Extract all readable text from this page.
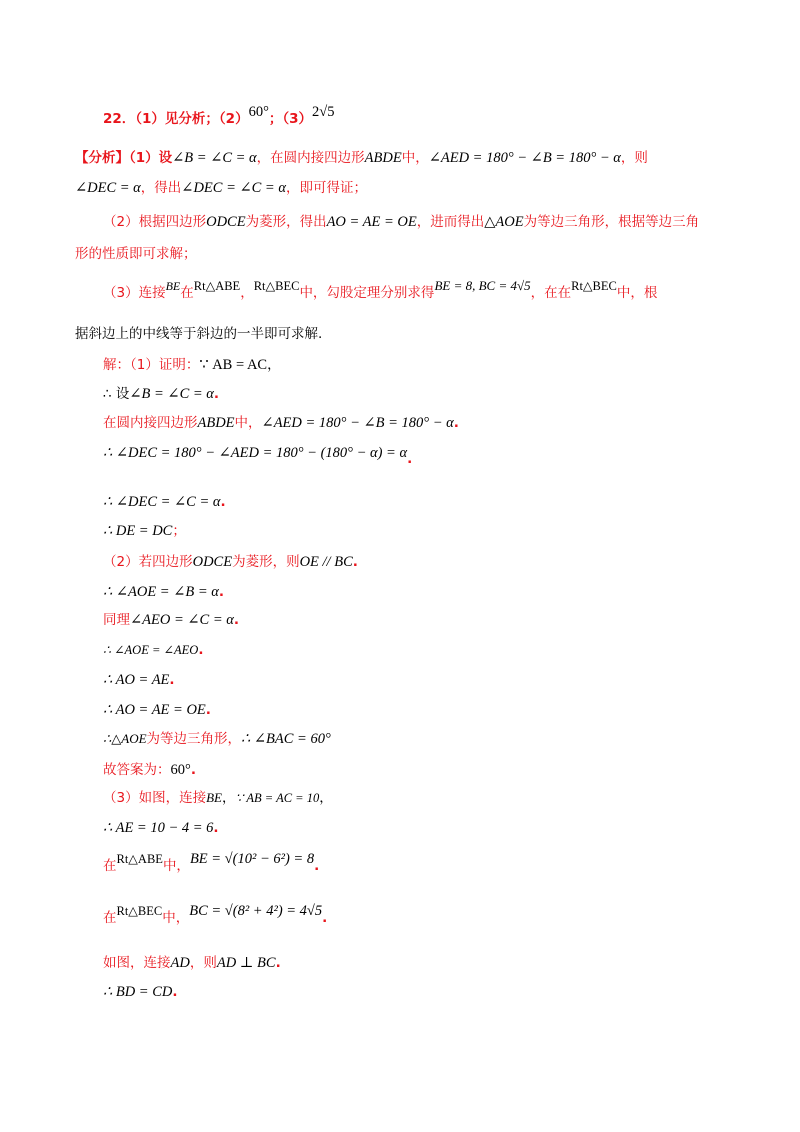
22．（1）见分析；（2）60°；（3）2√5
【分析】（1）设∠B = ∠C = α，在圆内接四边形ABDE中，∠AED = 180° − ∠B = 180° − α，则
∠DEC = α，得出∠DEC = ∠C = α，即可得证；
（2）根据四边形ODCE为菱形，得出AO = AE = OE，进而得出△AOE为等边三角形，根据等边三角
形的性质即可求解；
（3）连接BE在Rt△ABE，Rt△BEC中，勾股定理分别求得BE = 8, BC = 4√5，在在Rt△BEC中，根
据斜边上的中线等于斜边的一半即可求解.
解：（1）证明：∵ AB = AC，
∴ 设∠B = ∠C = α.
在圆内接四边形ABDE中，∠AED = 180° − ∠B = 180° − α.
∴ ∠DEC = 180° − ∠AED = 180° − (180° − α) = α.
∴ ∠DEC = ∠C = α.
∴ DE = DC；
（2）若四边形ODCE为菱形，则OE // BC.
∴ ∠AOE = ∠B = α.
同理∠AEO = ∠C = α.
∴ ∠AOE = ∠AEO.
∴ AO = AE.
∴ AO = AE = OE.
∴△AOE为等边三角形，∴ ∠BAC = 60°
故答案为：60°.
（3）如图，连接BE，∵ AB = AC = 10，
∴ AE = 10 − 4 = 6.
在Rt△ABE中，BE = √(10² − 6²) = 8.
在Rt△BEC中，BC = √(8² + 4²) = 4√5.
如图，连接AD，则AD ⊥ BC.
∴ BD = CD.
